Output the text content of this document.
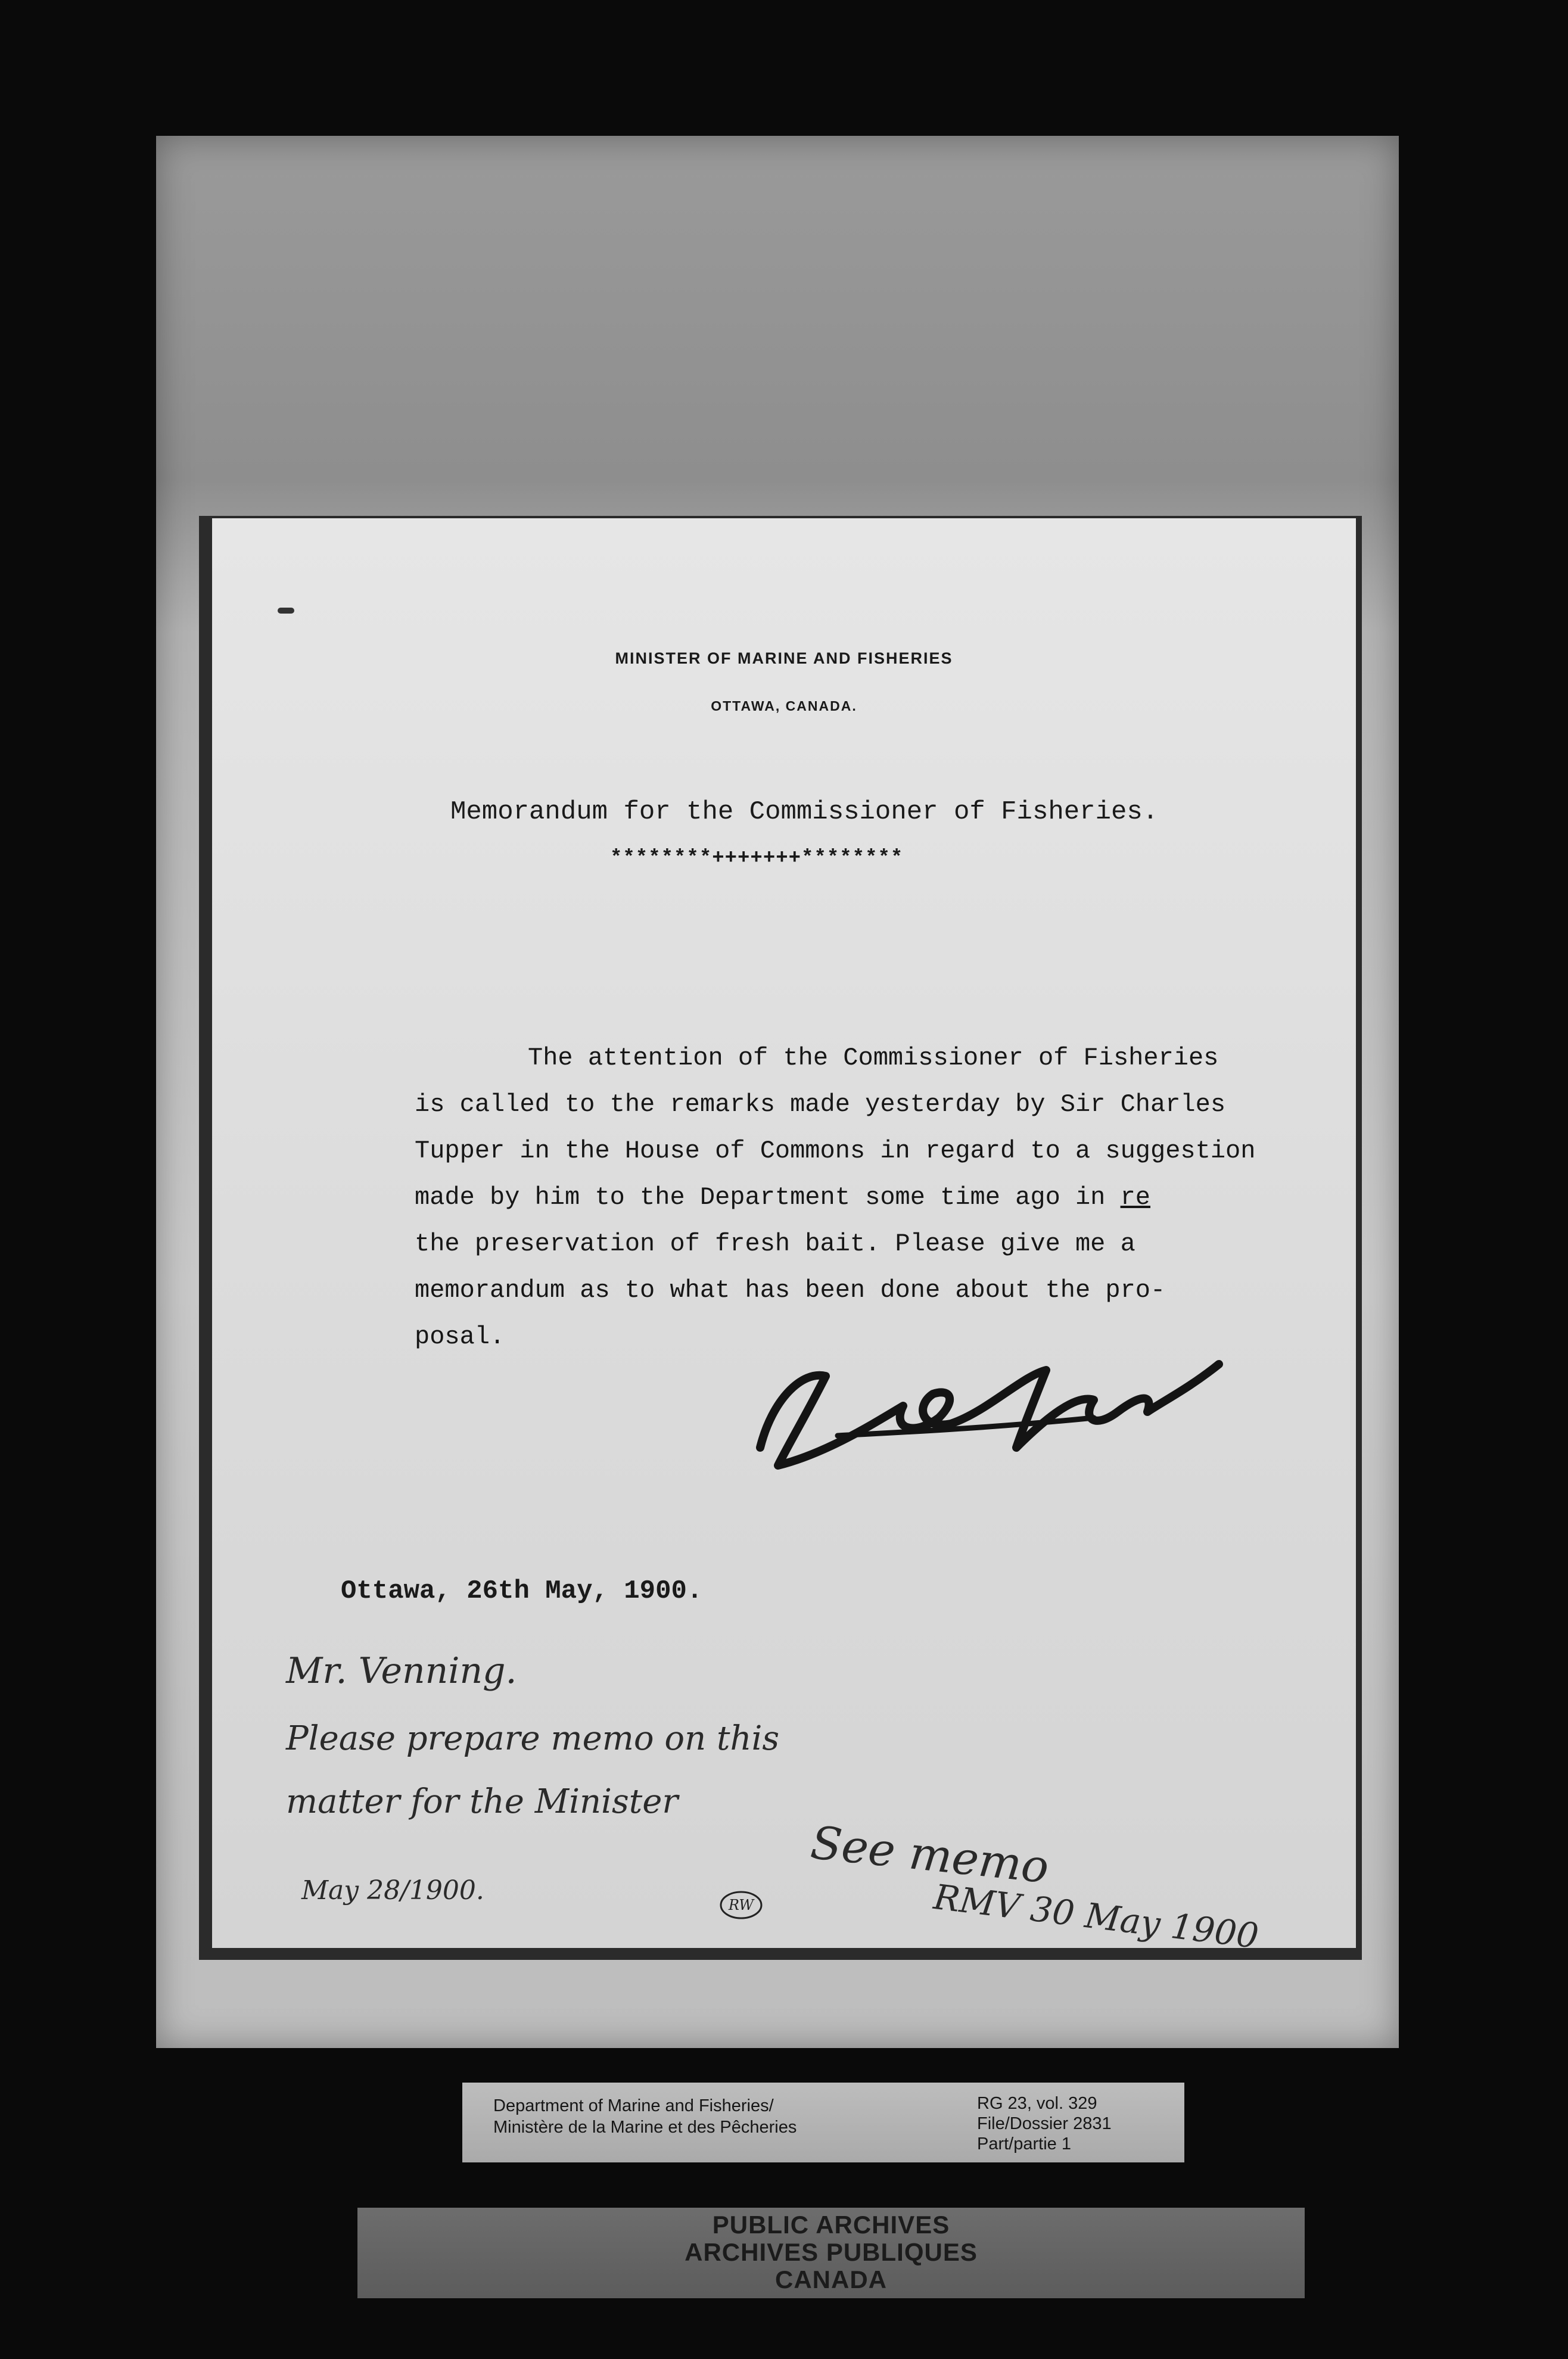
MINISTER OF MARINE AND FISHERIES
OTTAWA, CANADA.
Memorandum for the Commissioner of Fisheries.
********+++++++********
The attention of the Commissioner of Fisheries
is called to the remarks made yesterday by Sir Charles
Tupper in the House of Commons in regard to a suggestion
made by him to the Department some time ago in re
the preservation of fresh bait. Please give me a
memorandum as to what has been done about the pro-
posal.
Ottawa, 26th May, 1900.
Mr. Venning.
Please prepare memo on this
matter for the Minister
May 28/1900.	RW
See memo
RMV 30 May 1900
Department of Marine and Fisheries/
Ministère de la Marine et des Pêcheries
RG 23, vol. 329
File/Dossier 2831
Part/partie 1
PUBLIC ARCHIVES
ARCHIVES PUBLIQUES
CANADA
